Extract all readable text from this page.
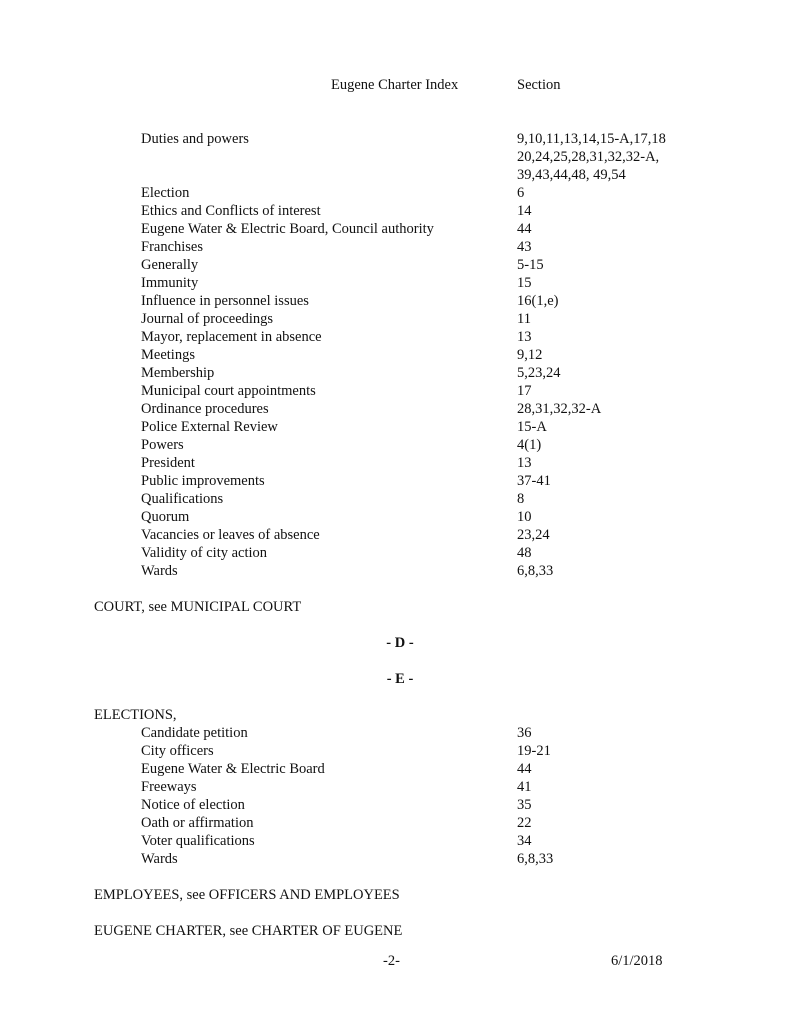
Eugene Charter Index	Section
Duties and powers	9,10,11,13,14,15-A,17,18
20,24,25,28,31,32,32-A,
39,43,44,48, 49,54
Election	6
Ethics and Conflicts of interest	14
Eugene Water & Electric Board, Council authority	44
Franchises	43
Generally	5-15
Immunity	15
Influence in personnel issues	16(1,e)
Journal of proceedings	11
Mayor, replacement in absence	13
Meetings	9,12
Membership	5,23,24
Municipal court appointments	17
Ordinance procedures	28,31,32,32-A
Police External Review	15-A
Powers	4(1)
President	13
Public improvements	37-41
Qualifications	8
Quorum	10
Vacancies or leaves of absence	23,24
Validity of city action	48
Wards	6,8,33
COURT, see MUNICIPAL COURT
- D -
- E -
ELECTIONS,
Candidate petition	36
City officers	19-21
Eugene Water & Electric Board	44
Freeways	41
Notice of election	35
Oath or affirmation	22
Voter qualifications	34
Wards	6,8,33
EMPLOYEES, see OFFICERS AND EMPLOYEES
EUGENE CHARTER, see CHARTER OF EUGENE
-2-	6/1/2018
